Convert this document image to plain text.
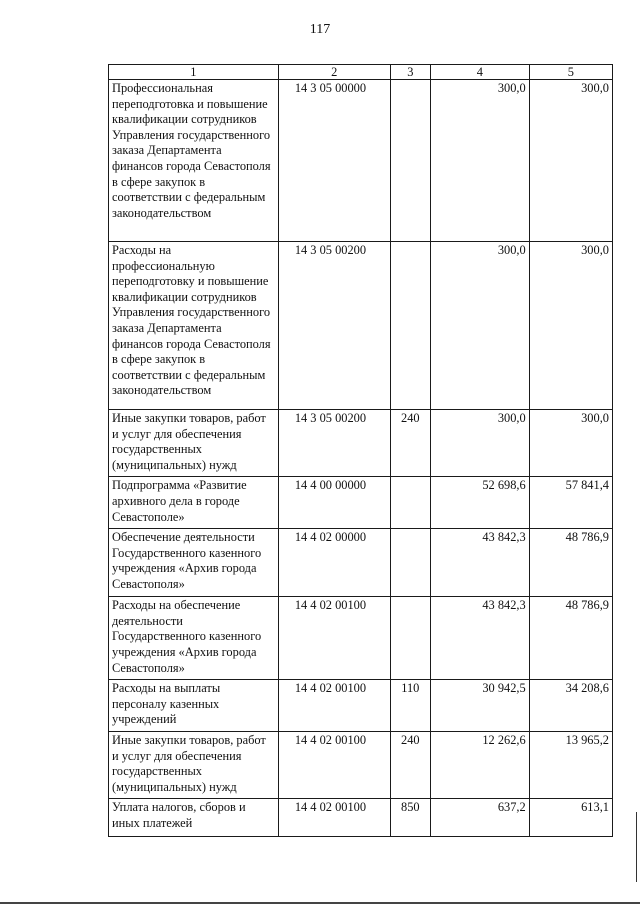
117
1	2	3	4	5
Профессиональная переподготовка и повышение квалификации сотрудников Управления государственного заказа Департамента финансов города Севастополя в сфере закупок в соответствии с федеральным законодательством	14 3 05 00000		300,0	300,0
Расходы на профессиональную переподготовку и повышение квалификации сотрудников Управления государственного заказа Департамента финансов города Севастополя в сфере закупок в соответствии с федеральным законодательством	14 3 05 00200		300,0	300,0
Иные закупки товаров, работ и услуг для обеспечения государственных (муниципальных) нужд	14 3 05 00200	240	300,0	300,0
Подпрограмма «Развитие архивного дела в городе Севастополе»	14 4 00 00000		52 698,6	57 841,4
Обеспечение деятельности Государственного казенного учреждения «Архив города Севастополя»	14 4 02 00000		43 842,3	48 786,9
Расходы на обеспечение деятельности Государственного казенного учреждения «Архив города Севастополя»	14 4 02 00100		43 842,3	48 786,9
Расходы на выплаты персоналу казенных учреждений	14 4 02 00100	110	30 942,5	34 208,6
Иные закупки товаров, работ и услуг для обеспечения государственных (муниципальных) нужд	14 4 02 00100	240	12 262,6	13 965,2
Уплата налогов, сборов и иных платежей	14 4 02 00100	850	637,2	613,1
